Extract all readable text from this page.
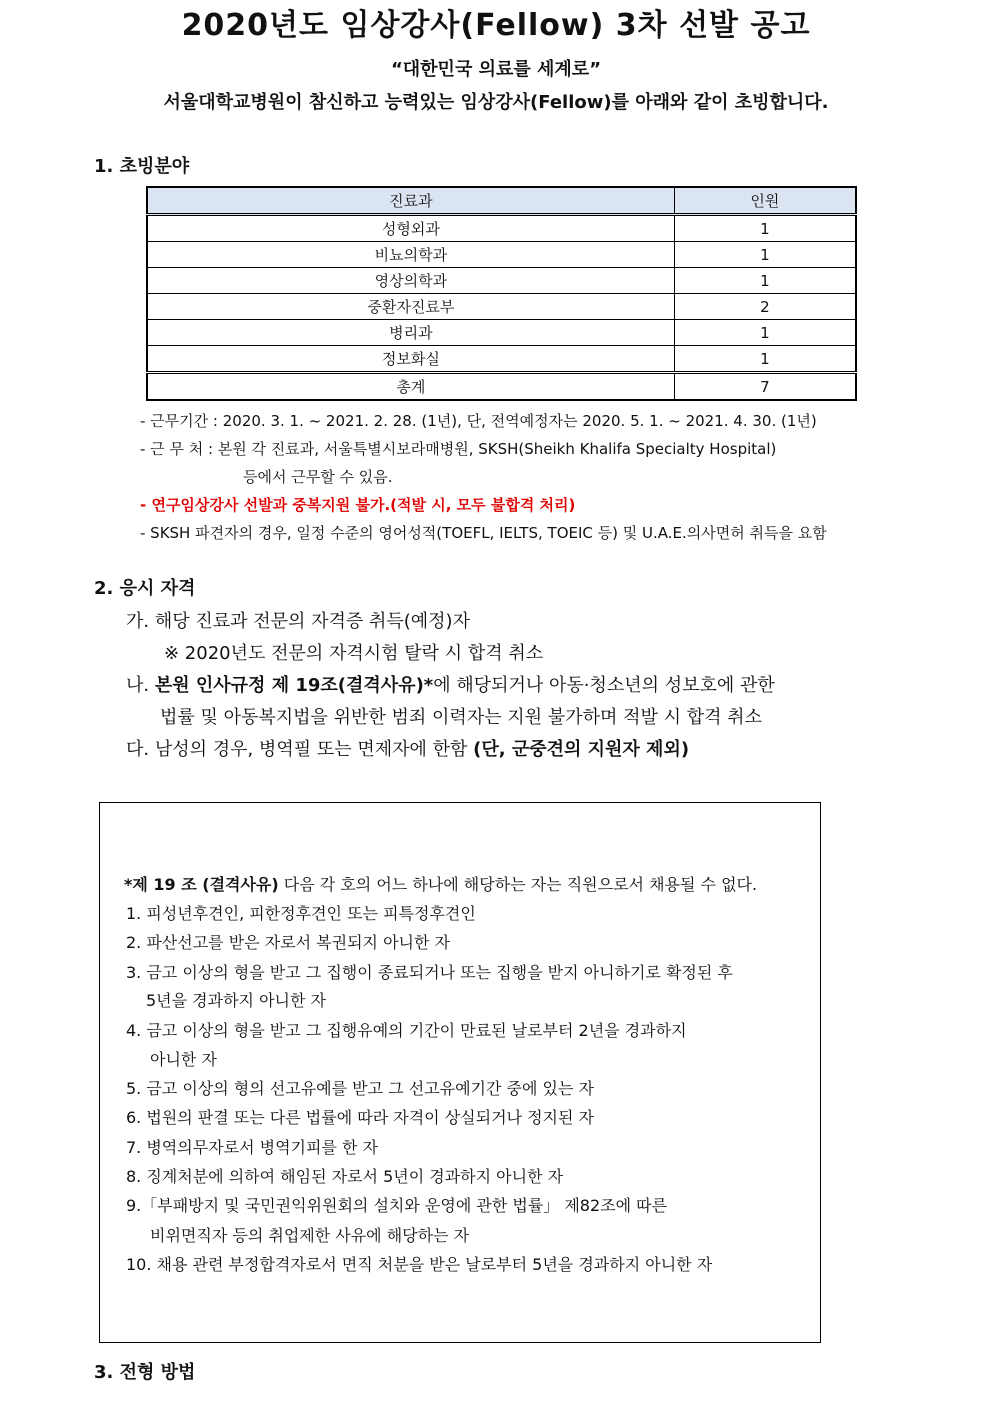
2020년도 임상강사(Fellow) 3차 선발 공고
“대한민국 의료를 세계로”
서울대학교병원이 참신하고 능력있는 임상강사(Fellow)를 아래와 같이 초빙합니다.
1. 초빙분야
진료과	인원
성형외과	1
비뇨의학과	1
영상의학과	1
중환자진료부	2
병리과	1
정보화실	1
총계	7
- 근무기간 : 2020. 3. 1. ~ 2021. 2. 28. (1년), 단, 전역예정자는 2020. 5. 1. ~ 2021. 4. 30. (1년)
- 근 무 처 : 본원 각 진료과, 서울특별시보라매병원, SKSH(Sheikh Khalifa Specialty Hospital)
등에서 근무할 수 있음.
- 연구임상강사 선발과 중복지원 불가.(적발 시, 모두 불합격 처리)
- SKSH 파견자의 경우, 일정 수준의 영어성적(TOEFL, IELTS, TOEIC 등) 및 U.A.E.의사면허 취득을 요함
2. 응시 자격
가. 해당 진료과 전문의 자격증 취득(예정)자
※ 2020년도 전문의 자격시험 탈락 시 합격 취소
나. 본원 인사규정 제 19조(결격사유)*에 해당되거나 아동·청소년의 성보호에 관한
법률 및 아동복지법을 위반한 범죄 이력자는 지원 불가하며 적발 시 합격 취소
다. 남성의 경우, 병역필 또는 면제자에 한함 (단, 군중견의 지원자 제외)
*제 19 조 (결격사유) 다음 각 호의 어느 하나에 해당하는 자는 직원으로서 채용될 수 없다.
1. 피성년후견인, 피한정후견인 또는 피특정후견인
2. 파산선고를 받은 자로서 복권되지 아니한 자
3. 금고 이상의 형을 받고 그 집행이 종료되거나 또는 집행을 받지 아니하기로 확정된 후
5년을 경과하지 아니한 자
4. 금고 이상의 형을 받고 그 집행유예의 기간이 만료된 날로부터 2년을 경과하지
아니한 자
5. 금고 이상의 형의 선고유예를 받고 그 선고유예기간 중에 있는 자
6. 법원의 판결 또는 다른 법률에 따라 자격이 상실되거나 정지된 자
7. 병역의무자로서 병역기피를 한 자
8. 징계처분에 의하여 해임된 자로서 5년이 경과하지 아니한 자
9.「부패방지 및 국민권익위원회의 설치와 운영에 관한 법률」 제82조에 따른
비위면직자 등의 취업제한 사유에 해당하는 자
10. 채용 관련 부정합격자로서 면직 처분을 받은 날로부터 5년을 경과하지 아니한 자
3. 전형 방법
